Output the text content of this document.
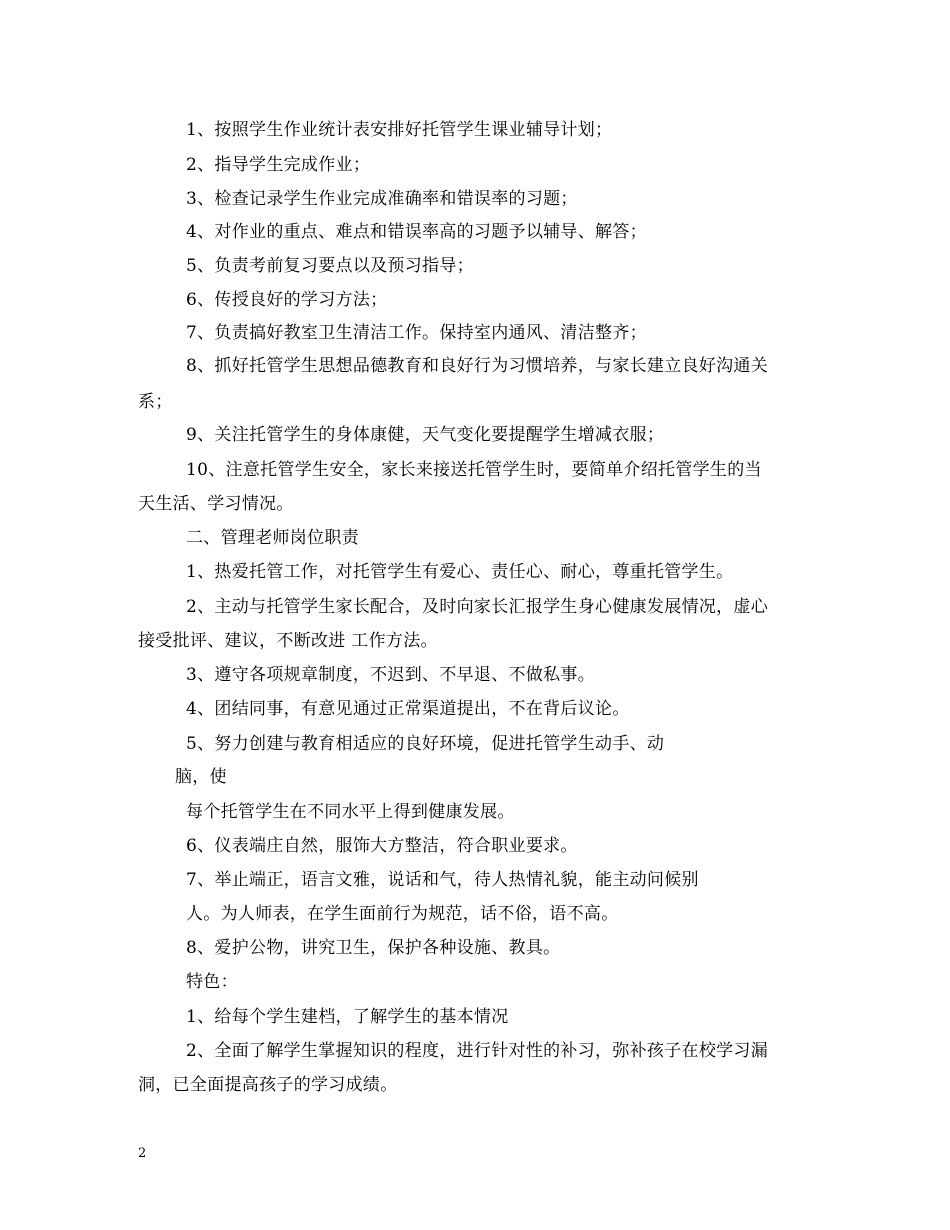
1、按照学生作业统计表安排好托管学生课业辅导计划；
2、指导学生完成作业；
3、检查记录学生作业完成准确率和错误率的习题；
4、对作业的重点、难点和错误率高的习题予以辅导、解答；
5、负责考前复习要点以及预习指导；
6、传授良好的学习方法；
7、负责搞好教室卫生清洁工作。保持室内通风、清洁整齐；
8、抓好托管学生思想品德教育和良好行为习惯培养，与家长建立良好沟通关
系；
9、关注托管学生的身体康健，天气变化要提醒学生增减衣服；
10、注意托管学生安全，家长来接送托管学生时，要简单介绍托管学生的当
天生活、学习情况。
二、管理老师岗位职责
1、热爱托管工作，对托管学生有爱心、责任心、耐心，尊重托管学生。
2、主动与托管学生家长配合，及时向家长汇报学生身心健康发展情况，虚心
接受批评、建议，不断改进 工作方法。
3、遵守各项规章制度，不迟到、不早退、不做私事。
4、团结同事，有意见通过正常渠道提出，不在背后议论。
5、努力创建与教育相适应的良好环境，促进托管学生动手、动
脑，使
每个托管学生在不同水平上得到健康发展。
6、仪表端庄自然，服饰大方整洁，符合职业要求。
7、举止端正，语言文雅，说话和气，待人热情礼貌，能主动问候别
人。为人师表，在学生面前行为规范，话不俗，语不高。
8、爱护公物，讲究卫生，保护各种设施、教具。
特色：
1、给每个学生建档，了解学生的基本情况
2、全面了解学生掌握知识的程度，进行针对性的补习，弥补孩子在校学习漏
洞，已全面提高孩子的学习成绩。
2
